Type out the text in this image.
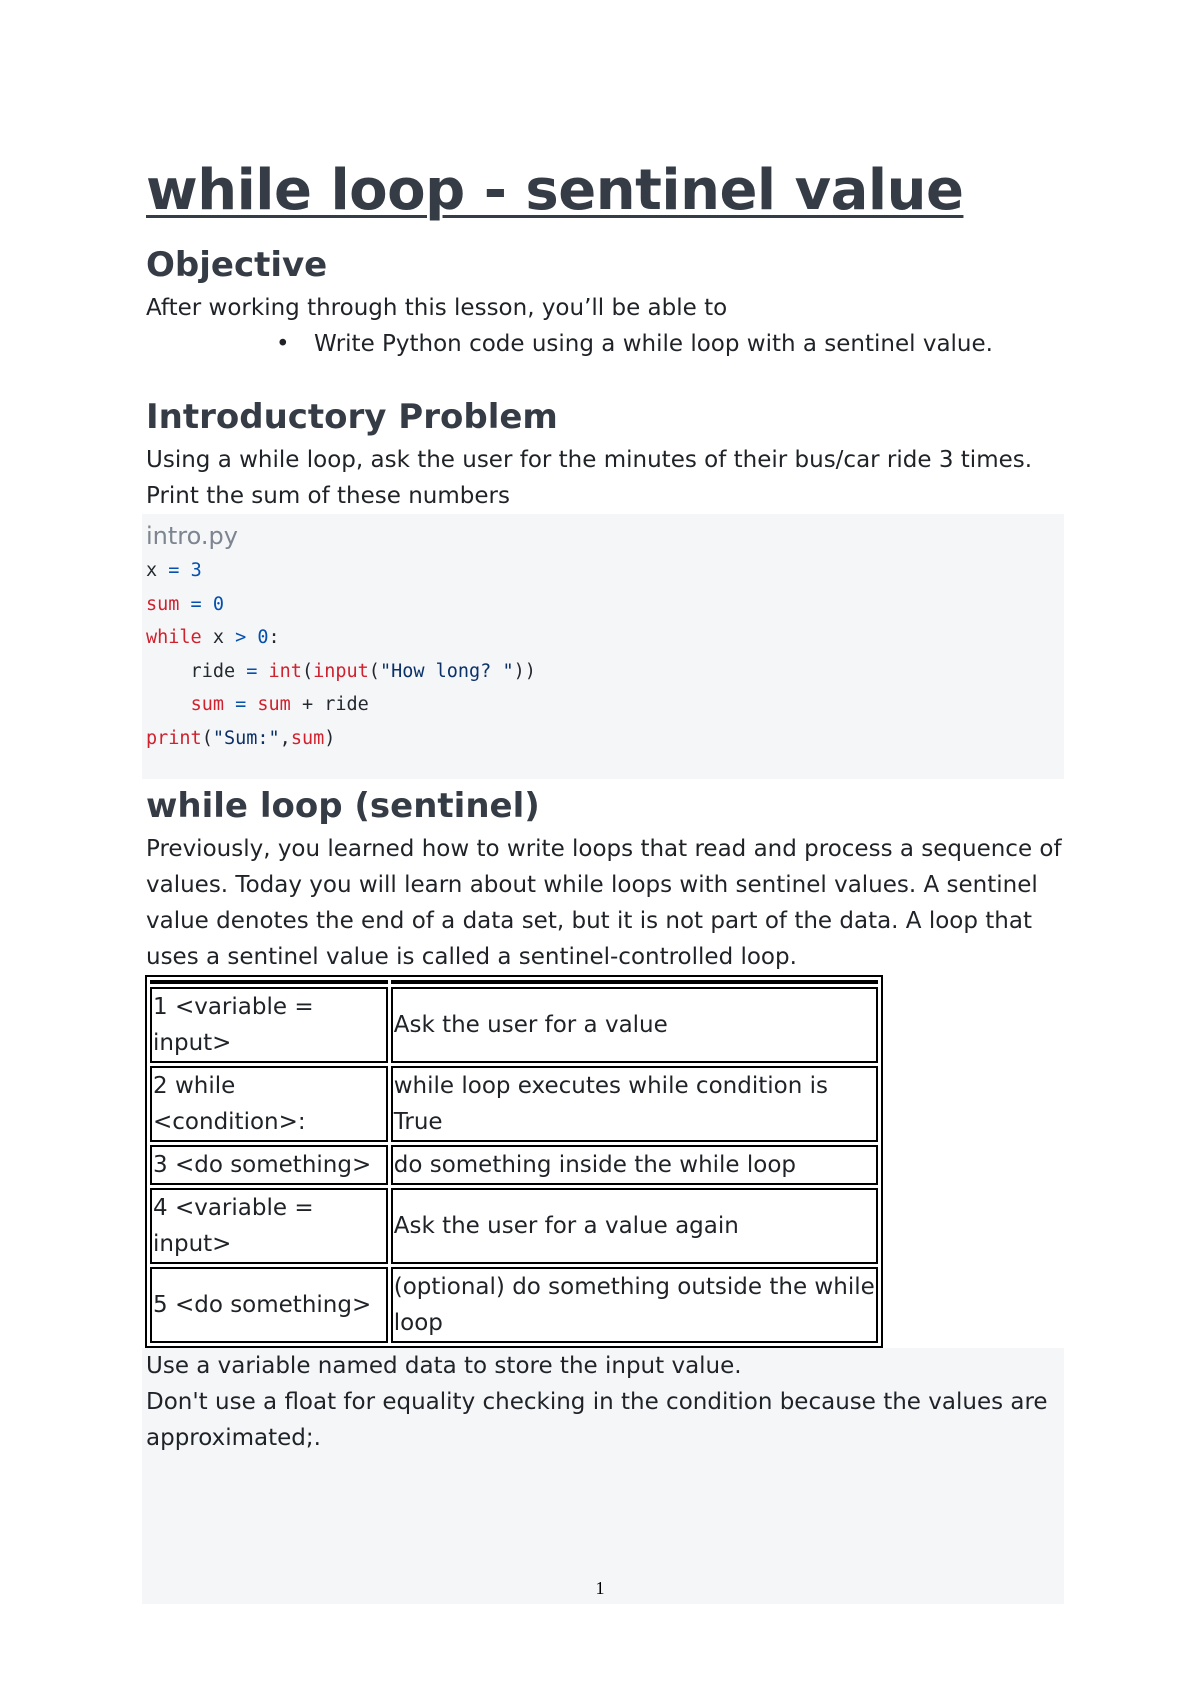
while loop - sentinel value
Objective

After working through this lesson, you’ll be able to

• Write Python code using a while loop with a sentinel value.
Introductory Problem

Using a while loop, ask the user for the minutes of their bus/car ride 3 times. Print the sum of these numbers

intro.py
x = 3
sum = 0
while x > 0:
ride = int(input("How long? "))
sum = sum + ride
print("Sum:",sum)
while loop (sentinel)

Previously, you learned how to write loops that read and process a sequence of values. Today you will learn about while loops with sentinel values. A sentinel value denotes the end of a data set, but it is not part of the data. A loop that uses a sentinel value is called a sentinel-controlled loop.

1 <variable = input>	Ask the user for a value
2 while <condition>:	while loop executes while condition is True
3 <do something>	do something inside the while loop
4 <variable = input>	Ask the user for a value again
5 <do something>	(optional) do something outside the while loop

Use a variable named data to store the input value.

Don't use a float for equality checking in the condition because the values are approximated;.

1
